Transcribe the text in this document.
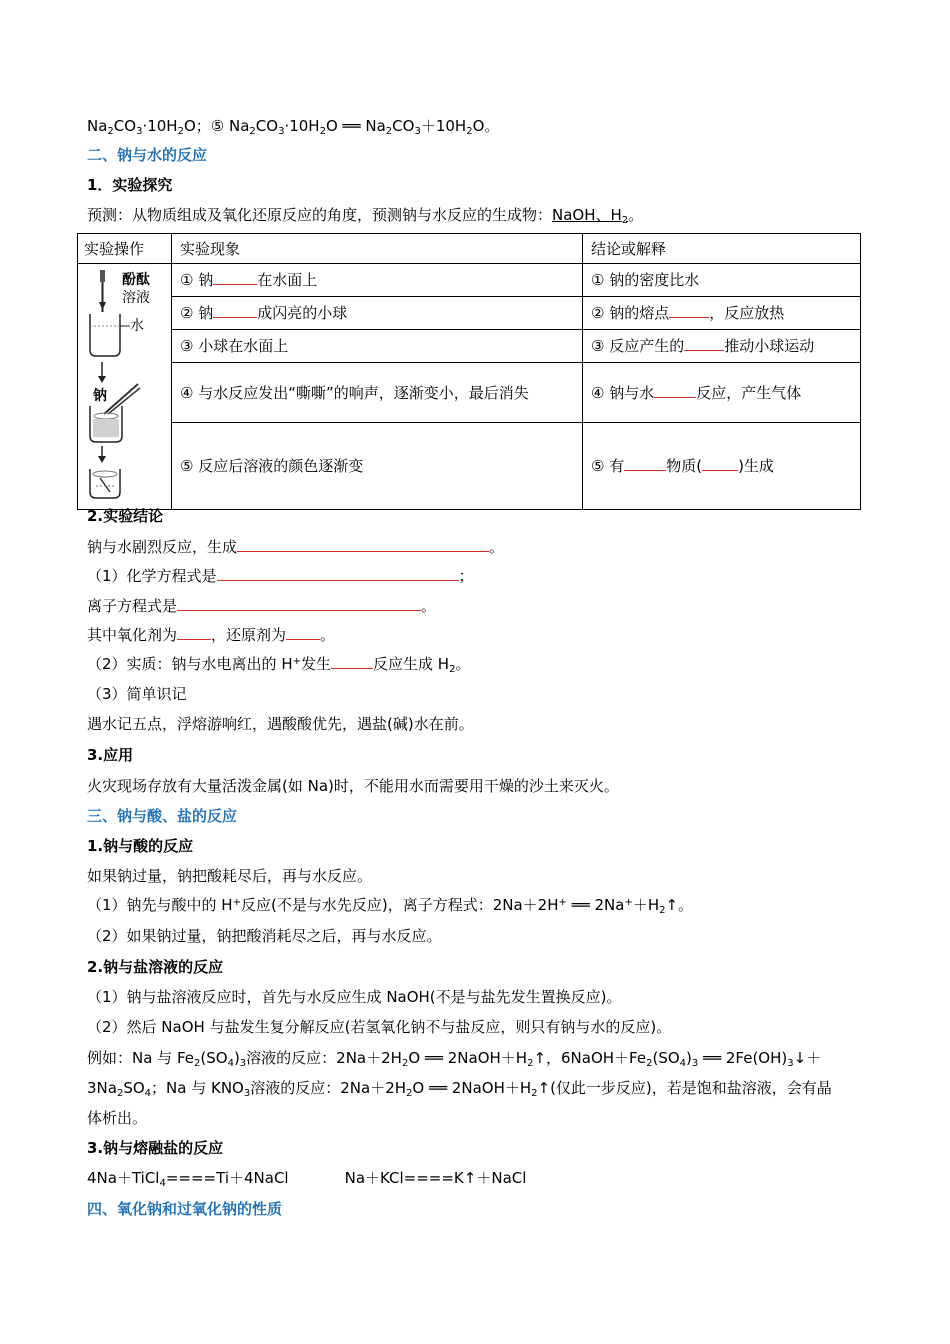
$Na_2CO_3\cdot 10H_2O$；⑤ $Na_2CO_3\cdot 10H_2O$ ══ $Na_2CO_3+10H_2O$。
二、钠与水的反应
1．实验探究
预测：从物质组成及氧化还原反应的角度，预测钠与水反应的生成物：NaOH、$H_2$。
实验操作	实验现象	结论或解释

酚酞
溶液
水
钠	① 钠 在水面上	① 钠的密度比水
	② 钠 成闪亮的小球	② 钠的熔点 ，反应放热
	③ 小球在水面上	③ 反应产生的 推动小球运动
	④ 与水反应发出“嘶嘶”的响声，逐渐变小，最后消失	④ 钠与水 反应，产生气体
	⑤ 反应后溶液的颜色逐渐变	⑤ 有 物质( )生成
2.实验结论
钠与水剧烈反应，生成	。
（1）化学方程式是	；
离子方程式是	。
其中氧化剂为 ，还原剂为 。
（2）实质：钠与水电离出的 H+发生	反应生成 $H_2$。
（3）简单识记
遇水记五点，浮熔游响红，遇酸酸优先，遇盐(碱)水在前。
3.应用
火灾现场存放有大量活泼金属(如 Na)时，不能用水而需要用干燥的沙土来灭火。
三、钠与酸、盐的反应
1.钠与酸的反应
如果钠过量，钠把酸耗尽后，再与水反应。
（1）钠先与酸中的 H+反应(不是与水先反应)，离子方程式：2Na＋2H+ ══ $2Na^++H_2↑$。
（2）如果钠过量，钠把酸消耗尽之后，再与水反应。
2.钠与盐溶液的反应
（1）钠与盐溶液反应时，首先与水反应生成 NaOH(不是与盐先发生置换反应)。
（2）然后 NaOH 与盐发生复分解反应(若氢氧化钠不与盐反应，则只有钠与水的反应)。
例如：Na 与 $Fe_2(SO_4)_3$溶液的反应：$2Na+2H_2O$ ══ $2NaOH+H_2↑$，$6NaOH+Fe_2(SO_4)_3$ ══ $2Fe(OH)_3↓+$
$3Na_2SO_4$；Na 与 $KNO_3$溶液的反应：$2Na+2H_2O$ ══ $2NaOH+H_2↑$(仅此一步反应)，若是饱和盐溶液，会有晶
体析出。
3.钠与熔融盐的反应
4Na＋TiCl$_4$====Ti＋4NaCl	Na＋KCl====K↑＋NaCl
四、氧化钠和过氧化钠的性质
